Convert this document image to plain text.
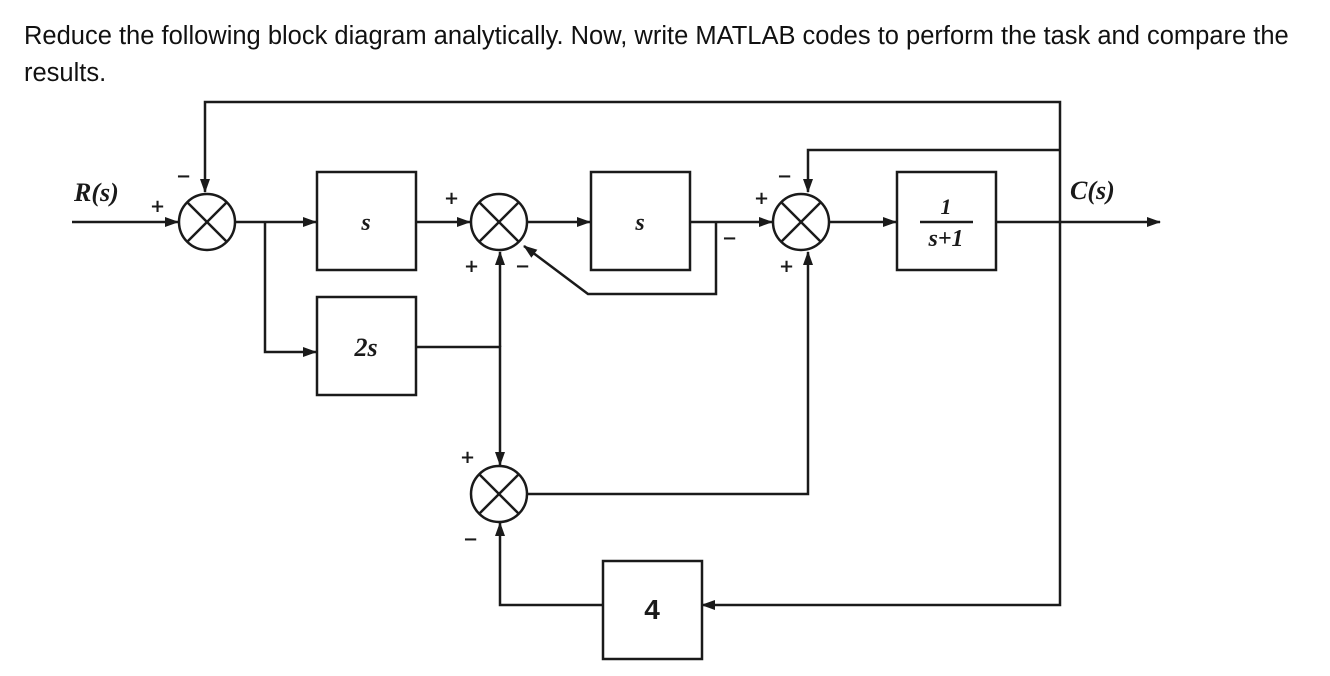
Reduce the following block diagram analytically. Now, write MATLAB codes to perform the task and compare the results.

s
2s
s
1
s+1
4
R(s)	C(s)
+
−
+
+ −
−
+
+
−
+
−
